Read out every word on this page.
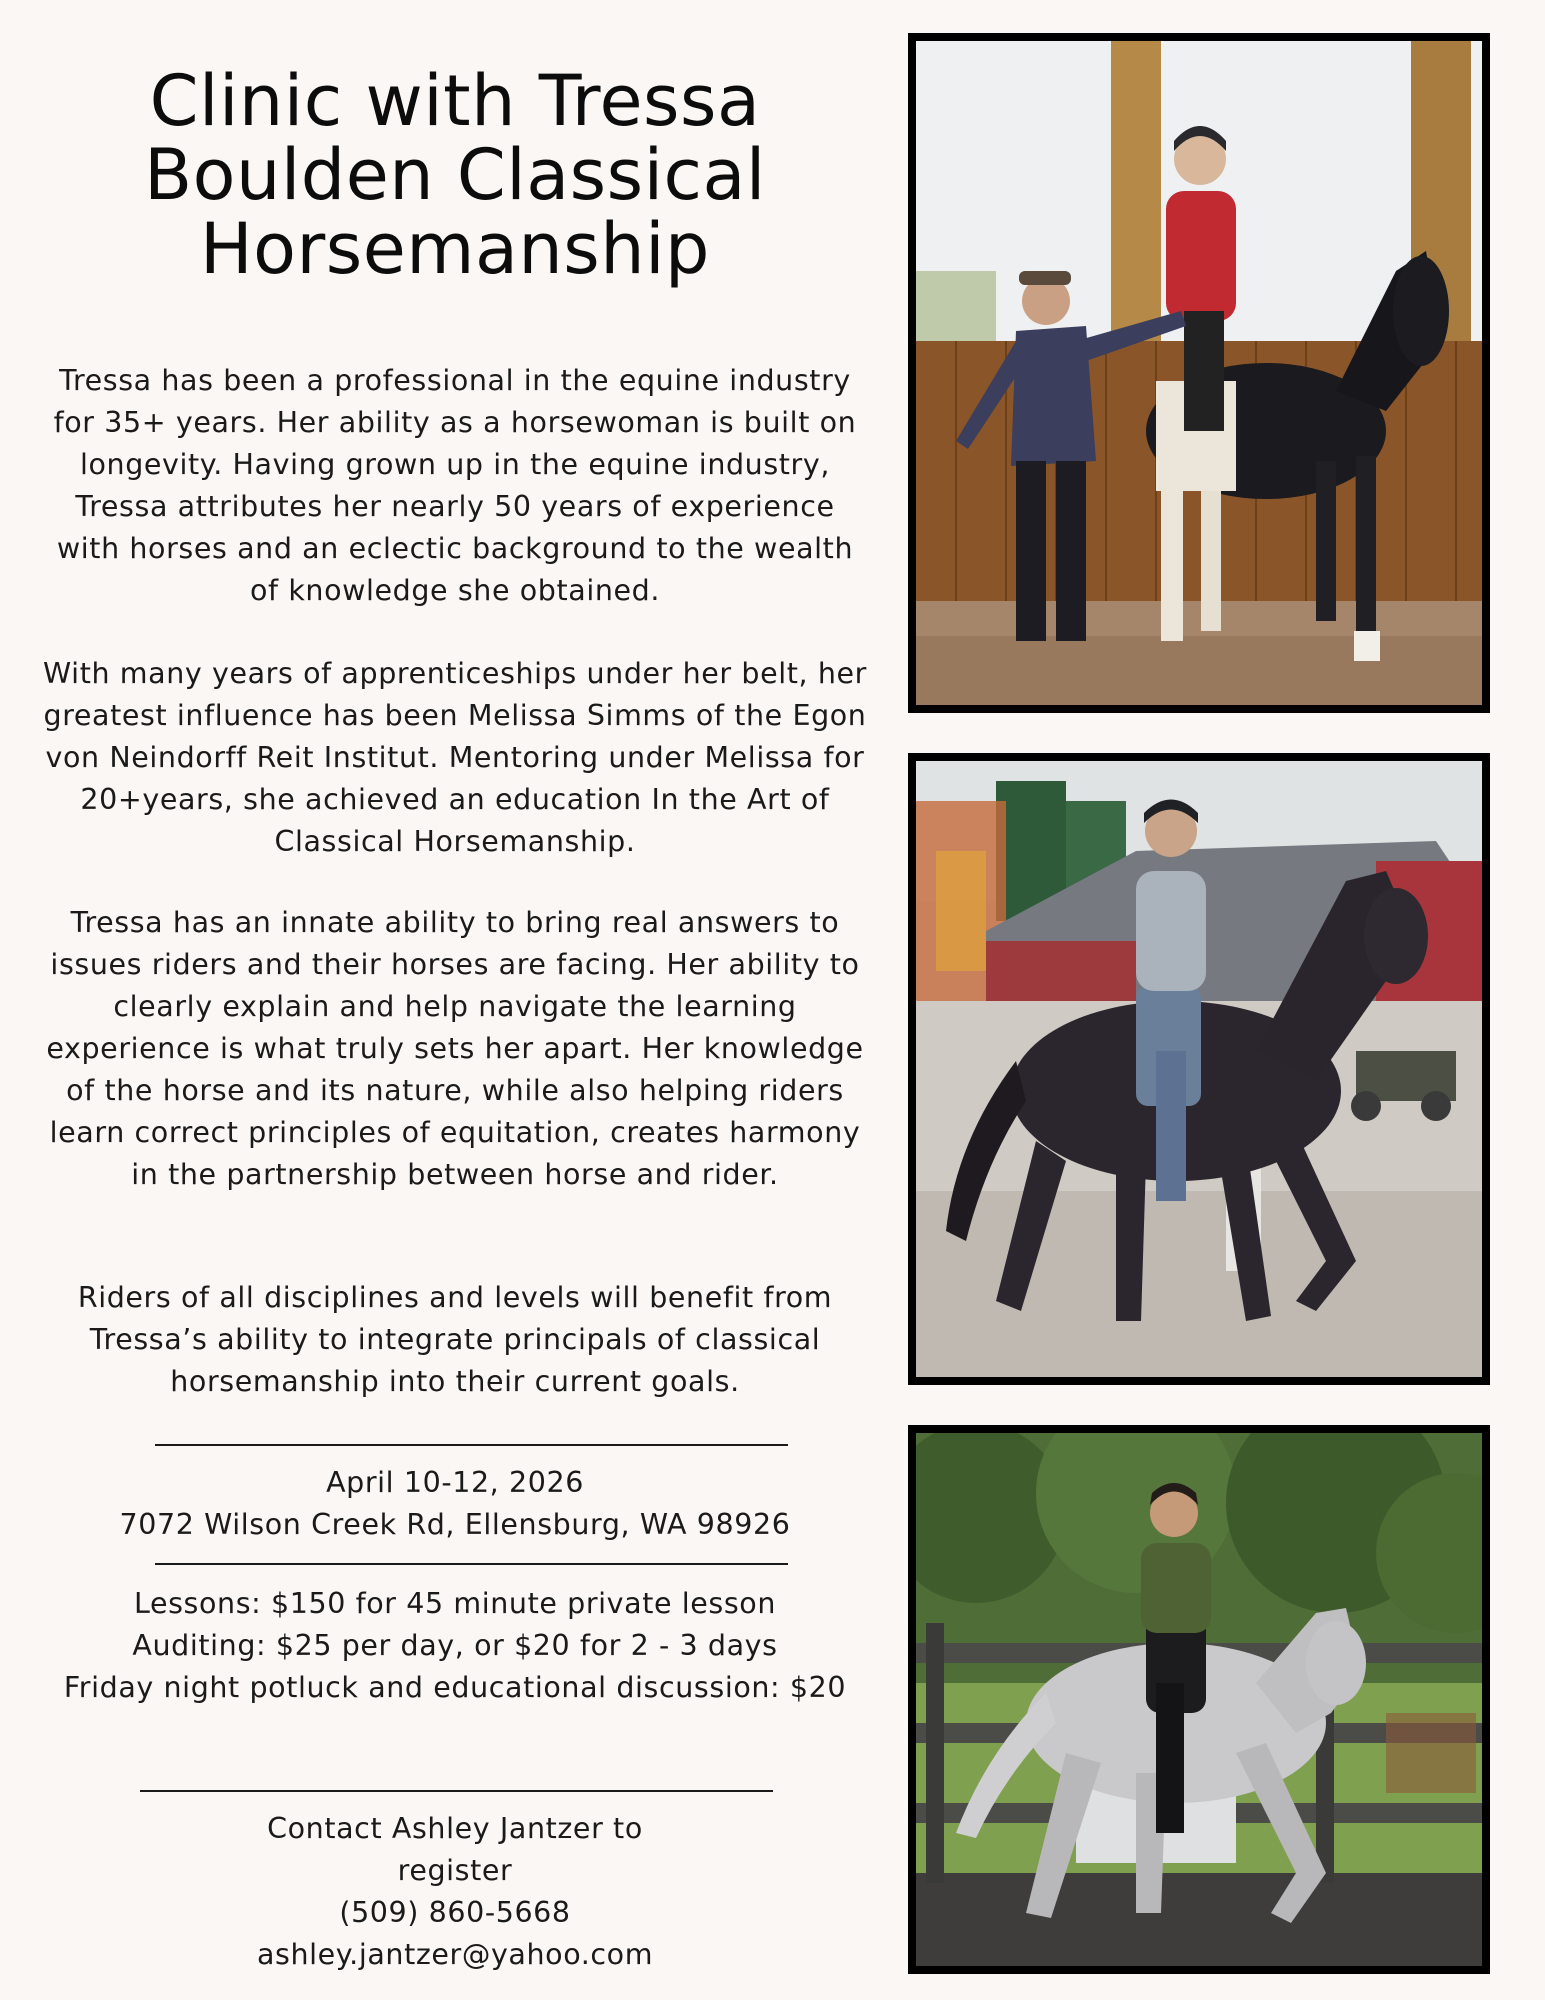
Clinic with Tressa Boulden Classical Horsemanship

Tressa has been a professional in the equine industry for 35+ years. Her ability as a horsewoman is built on longevity. Having grown up in the equine industry, Tressa attributes her nearly 50 years of experience with horses and an eclectic background to the wealth of knowledge she obtained.

With many years of apprenticeships under her belt, her greatest influence has been Melissa Simms of the Egon von Neindorff Reit Institut. Mentoring under Melissa for 20+years, she achieved an education In the Art of Classical Horsemanship.

Tressa has an innate ability to bring real answers to issues riders and their horses are facing. Her ability to clearly explain and help navigate the learning experience is what truly sets her apart. Her knowledge of the horse and its nature, while also helping riders learn correct principles of equitation, creates harmony in the partnership between horse and rider.

Riders of all disciplines and levels will benefit from Tressa’s ability to integrate principals of classical horsemanship into their current goals.

April 10-12, 2026

7072 Wilson Creek Rd, Ellensburg, WA 98926

Lessons: $150 for 45 minute private lesson

Auditing: $25 per day, or $20 for 2 - 3 days

Friday night potluck and educational discussion: $20

Contact Ashley Jantzer to

register

(509) 860-5668

ashley.jantzer@yahoo.com
